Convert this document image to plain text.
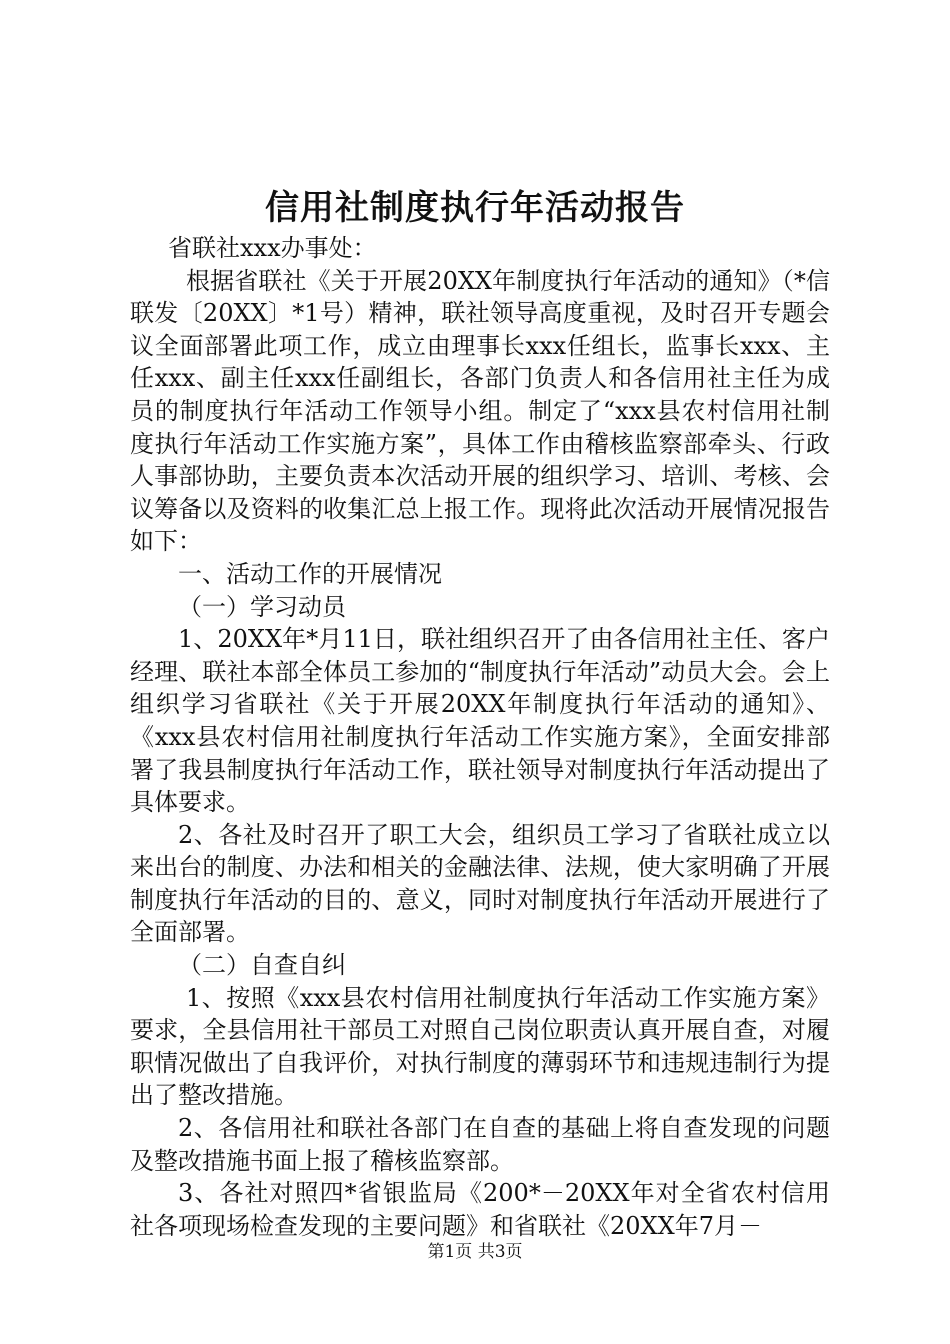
信用社制度执行年活动报告

省联社xxx办事处：

根据省联社《关于开展20XX年制度执行年活动的通知》（*信联发〔20XX〕*1号）精神，联社领导高度重视，及时召开专题会议全面部署此项工作，成立由理事长xxx任组长，监事长xxx、主任xxx、副主任xxx任副组长，各部门负责人和各信用社主任为成员的制度执行年活动工作领导小组。制定了“xxx县农村信用社制度执行年活动工作实施方案”，具体工作由稽核监察部牵头、行政人事部协助，主要负责本次活动开展的组织学习、培训、考核、会议筹备以及资料的收集汇总上报工作。现将此次活动开展情况报告如下：

一、活动工作的开展情况

（一）学习动员

1、20XX年*月11日，联社组织召开了由各信用社主任、客户经理、联社本部全体员工参加的“制度执行年活动”动员大会。会上组织学习省联社《关于开展20XX年制度执行年活动的通知》、《xxx县农村信用社制度执行年活动工作实施方案》，全面安排部署了我县制度执行年活动工作，联社领导对制度执行年活动提出了具体要求。

2、各社及时召开了职工大会，组织员工学习了省联社成立以来出台的制度、办法和相关的金融法律、法规，使大家明确了开展制度执行年活动的目的、意义，同时对制度执行年活动开展进行了全面部署。

（二）自查自纠

1、按照《xxx县农村信用社制度执行年活动工作实施方案》要求，全县信用社干部员工对照自己岗位职责认真开展自查，对履职情况做出了自我评价，对执行制度的薄弱环节和违规违制行为提出了整改措施。

2、各信用社和联社各部门在自查的基础上将自查发现的问题及整改措施书面上报了稽核监察部。

3、各社对照四*省银监局《200*－20XX年对全省农村信用社各项现场检查发现的主要问题》和省联社《20XX年7月－

第1页 共3页
